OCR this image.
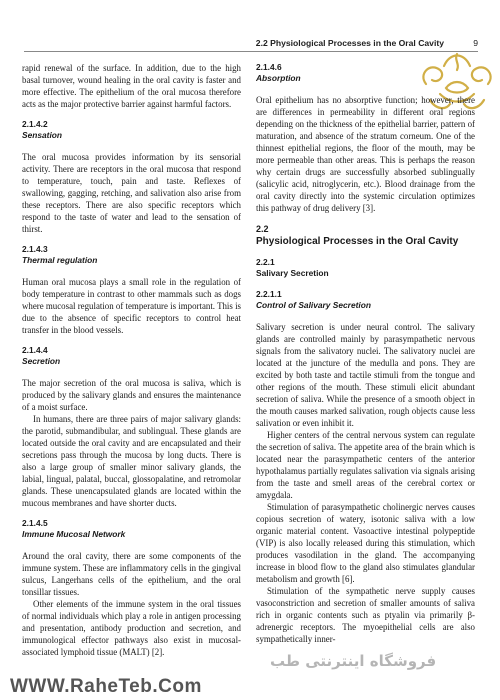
2.2 Physiological Processes in the Oral Cavity	9

rapid renewal of the surface. In addition, due to the high basal turnover, wound healing in the oral cavity is faster and more effective. The epithelium of the oral mucosa therefore acts as the major protective barrier against harmful factors.

2.1.4.2
Sensation

The oral mucosa provides information by its sensorial activity. There are receptors in the oral mucosa that respond to temperature, touch, pain and taste. Reflexes of swallowing, gagging, retching, and salivation also arise from these receptors. There are also specific receptors which respond to the taste of water and lead to the sensation of thirst.

2.1.4.3
Thermal regulation

Human oral mucosa plays a small role in the regulation of body temperature in contrast to other mammals such as dogs where mucosal regulation of temperature is important. This is due to the absence of specific receptors to control heat transfer in the blood vessels.

2.1.4.4
Secretion

The major secretion of the oral mucosa is saliva, which is produced by the salivary glands and ensures the maintenance of a moist surface.

In humans, there are three pairs of major salivary glands: the parotid, submandibular, and sublingual. These glands are located outside the oral cavity and are encapsulated and their secretions pass through the mucosa by long ducts. There is also a large group of smaller minor salivary glands, the labial, lingual, palatal, buccal, glossopalatine, and retromolar glands. These unencapsulated glands are located within the mucous membranes and have shorter ducts.

2.1.4.5
Immune Mucosal Network

Around the oral cavity, there are some components of the immune system. These are inflammatory cells in the gingival sulcus, Langerhans cells of the epithelium, and the oral tonsillar tissues.

Other elements of the immune system in the oral tissues of normal individuals which play a role in antigen processing and presentation, antibody production and secretion, and immunological effector pathways also exist in mucosal-associated lymphoid tissue (MALT) [2].

2.1.4.6
Absorption

Oral epithelium has no absorptive function; however, there are differences in permeability in different oral regions depending on the thickness of the epithelial barrier, pattern of maturation, and absence of the stratum corneum. One of the thinnest epithelial regions, the floor of the mouth, may be more permeable than other areas. This is perhaps the reason why certain drugs are successfully absorbed sublingually (salicylic acid, nitroglycerin, etc.). Blood drainage from the oral cavity directly into the systemic circulation optimizes this pathway of drug delivery [3].

2.2
Physiological Processes in the Oral Cavity
2.2.1
Salivary Secretion
2.2.1.1
Control of Salivary Secretion

Salivary secretion is under neural control. The salivary glands are controlled mainly by parasympathetic nervous signals from the salivatory nuclei. The salivatory nuclei are located at the juncture of the medulla and pons. They are excited by both taste and tactile stimuli from the tongue and other regions of the mouth. These stimuli elicit abundant secretion of saliva. While the presence of a smooth object in the mouth causes marked salivation, rough objects cause less salivation or even inhibit it.

Higher centers of the central nervous system can regulate the secretion of saliva. The appetite area of the brain which is located near the parasympathetic centers of the anterior hypothalamus partially regulates salivation via signals arising from the taste and smell areas of the cerebral cortex or amygdala.

Stimulation of parasympathetic cholinergic nerves causes copious secretion of watery, isotonic saliva with a low organic material content. Vasoactive intestinal polypeptide (VIP) is also locally released during this stimulation, which produces vasodilation in the gland. The accompanying increase in blood flow to the gland also stimulates glandular metabolism and growth [6].

Stimulation of the sympathetic nerve supply causes vasoconstriction and secretion of smaller amounts of saliva rich in organic contents such as ptyalin via primarily β-adrenergic receptors. The myoepithelial cells are also sympathetically inner-

فروشگاه اینترنتی طب
WWW.RaheTeb.Com
